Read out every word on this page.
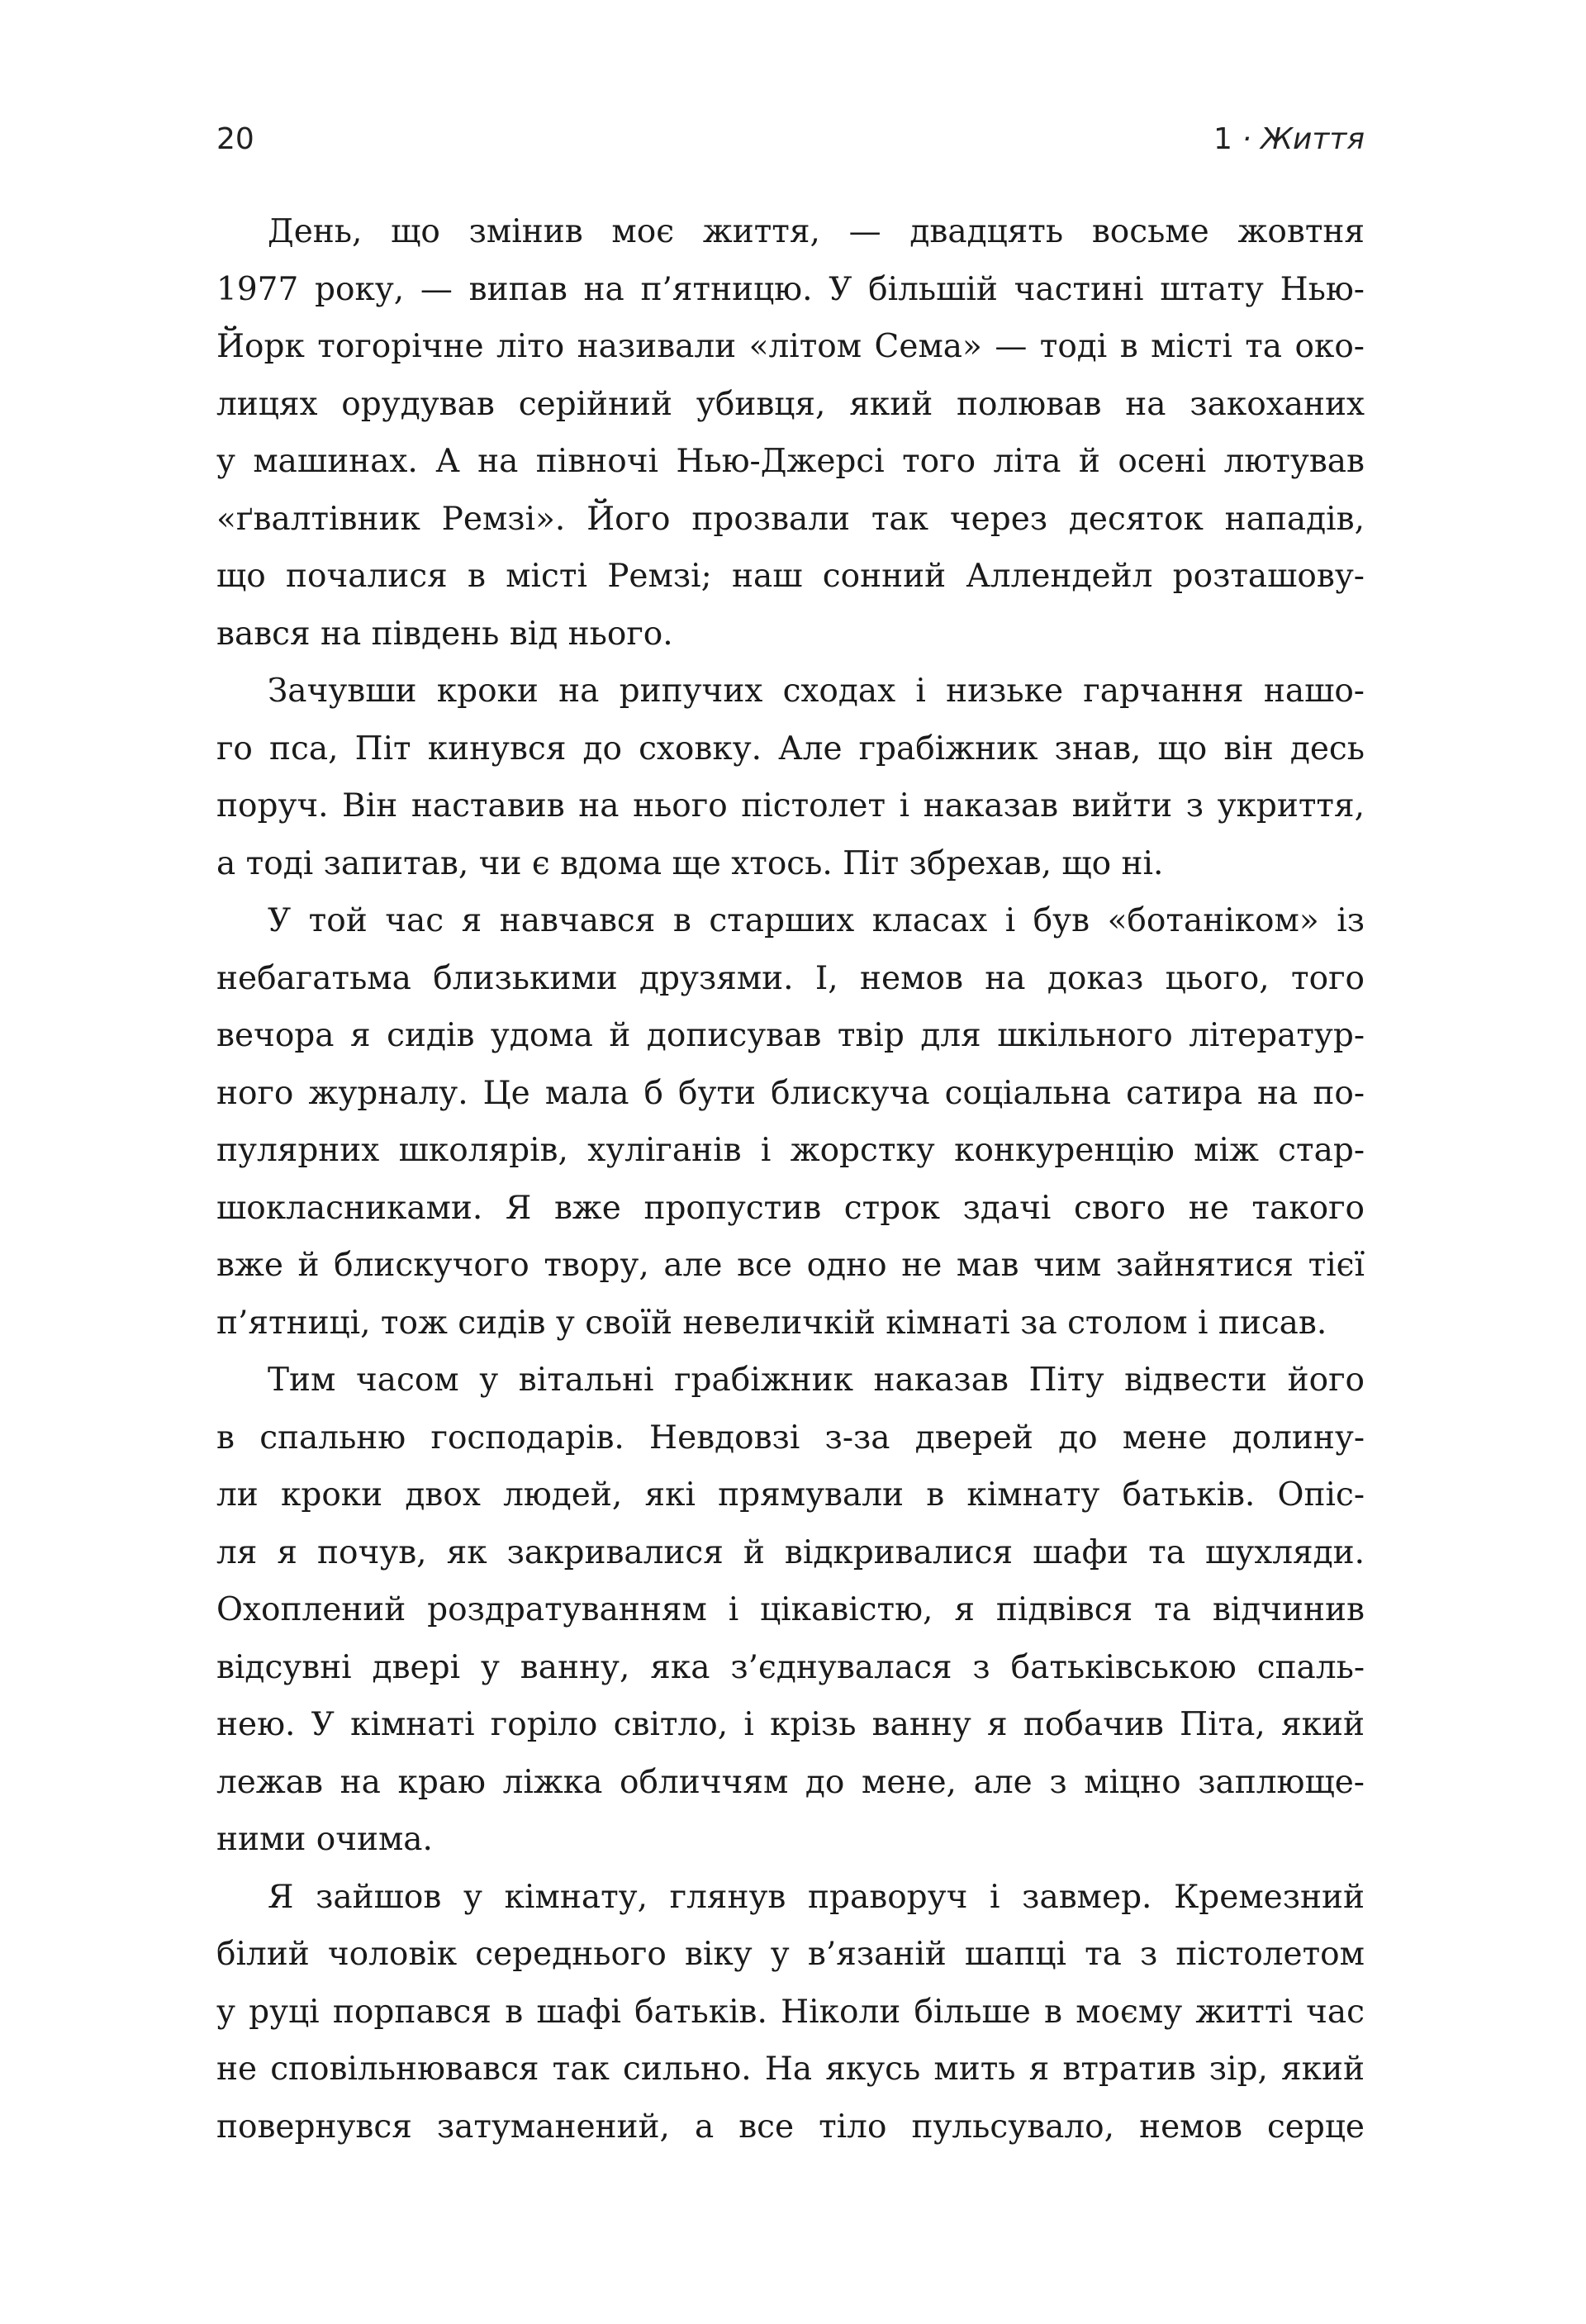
20	1 · Життя
День, що змінив моє життя, — двадцять восьме жовтня
1977 року, — випав на п’ятницю. У більшій частині штату Нью-
Йорк тогорічне літо називали «літом Сема» — тоді в місті та око-
лицях орудував серійний убивця, який полював на закоханих
у машинах. А на півночі Нью-Джерсі того літа й осені лютував
«ґвалтівник Ремзі». Його прозвали так через десяток нападів,
що почалися в місті Ремзі; наш сонний Аллендейл розташову-
вався на південь від нього.
Зачувши кроки на рипучих сходах і низьке гарчання нашо-
го пса, Піт кинувся до сховку. Але грабіжник знав, що він десь
поруч. Він наставив на нього пістолет і наказав вийти з укриття,
а тоді запитав, чи є вдома ще хтось. Піт збрехав, що ні.
У той час я навчався в старших класах і був «ботаніком» із
небагатьма близькими друзями. І, немов на доказ цього, того
вечора я сидів удома й дописував твір для шкільного літератур-
ного журналу. Це мала б бути блискуча соціальна сатира на по-
пулярних школярів, хуліганів і жорстку конкуренцію між стар-
шокласниками. Я вже пропустив строк здачі свого не такого
вже й блискучого твору, але все одно не мав чим зайнятися тієї
п’ятниці, тож сидів у своїй невеличкій кімнаті за столом і писав.
Тим часом у вітальні грабіжник наказав Піту відвести його
в спальню господарів. Невдовзі з-за дверей до мене долину-
ли кроки двох людей, які прямували в кімнату батьків. Опіс-
ля я почув, як закривалися й відкривалися шафи та шухляди.
Охоплений роздратуванням і цікавістю, я підвівся та відчинив
відсувні двері у ванну, яка з’єднувалася з батьківською спаль-
нею. У кімнаті горіло світло, і крізь ванну я побачив Піта, який
лежав на краю ліжка обличчям до мене, але з міцно заплюще-
ними очима.
Я зайшов у кімнату, глянув праворуч і завмер. Кремезний
білий чоловік середнього віку у в’язаній шапці та з пістолетом
у руці порпався в шафі батьків. Ніколи більше в моєму житті час
не сповільнювався так сильно. На якусь мить я втратив зір, який
повернувся затуманений, а все тіло пульсувало, немов серце
